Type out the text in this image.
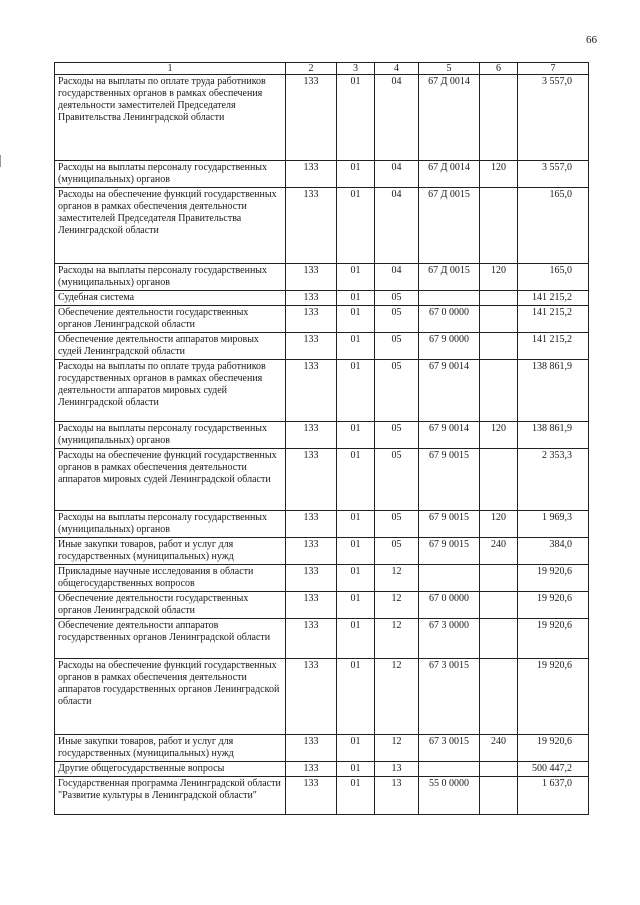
66
1	2	3	4	5	6	7
Расходы на выплаты по оплате труда работников государственных органов в рамках обеспечения деятельности заместителей Председателя Правительства Ленинградской области	133	01	04	67 Д 0014		3 557,0
Расходы на выплаты персоналу государственных (муниципальных) органов	133	01	04	67 Д 0014	120	3 557,0
Расходы на обеспечение функций государственных органов в рамках обеспечения деятельности заместителей Председателя Правительства Ленинградской области	133	01	04	67 Д 0015		165,0
Расходы на выплаты персоналу государственных (муниципальных) органов	133	01	04	67 Д 0015	120	165,0
Судебная система	133	01	05			141 215,2
Обеспечение деятельности государственных органов Ленинградской области	133	01	05	67 0 0000		141 215,2
Обеспечение деятельности аппаратов мировых судей Ленинградской области	133	01	05	67 9 0000		141 215,2
Расходы на выплаты по оплате труда работников государственных органов в рамках обеспечения деятельности аппаратов мировых судей Ленинградской области	133	01	05	67 9 0014		138 861,9
Расходы на выплаты персоналу государственных (муниципальных) органов	133	01	05	67 9 0014	120	138 861,9
Расходы на обеспечение функций государственных органов в рамках обеспечения деятельности аппаратов мировых судей Ленинградской области	133	01	05	67 9 0015		2 353,3
Расходы на выплаты персоналу государственных (муниципальных) органов	133	01	05	67 9 0015	120	1 969,3
Иные закупки товаров, работ и услуг для государственных (муниципальных) нужд	133	01	05	67 9 0015	240	384,0
Прикладные научные исследования в области общегосударственных вопросов	133	01	12			19 920,6
Обеспечение деятельности государственных органов Ленинградской области	133	01	12	67 0 0000		19 920,6
Обеспечение деятельности аппаратов государственных органов Ленинградской области	133	01	12	67 3 0000		19 920,6
Расходы на обеспечение функций государственных органов в рамках обеспечения деятельности аппаратов государственных органов Ленинградской области	133	01	12	67 3 0015		19 920,6
Иные закупки товаров, работ и услуг для государственных (муниципальных) нужд	133	01	12	67 3 0015	240	19 920,6
Другие общегосударственные вопросы	133	01	13			500 447,2
Государственная программа Ленинградской области "Развитие культуры в Ленинградской области"	133	01	13	55 0 0000		1 637,0
